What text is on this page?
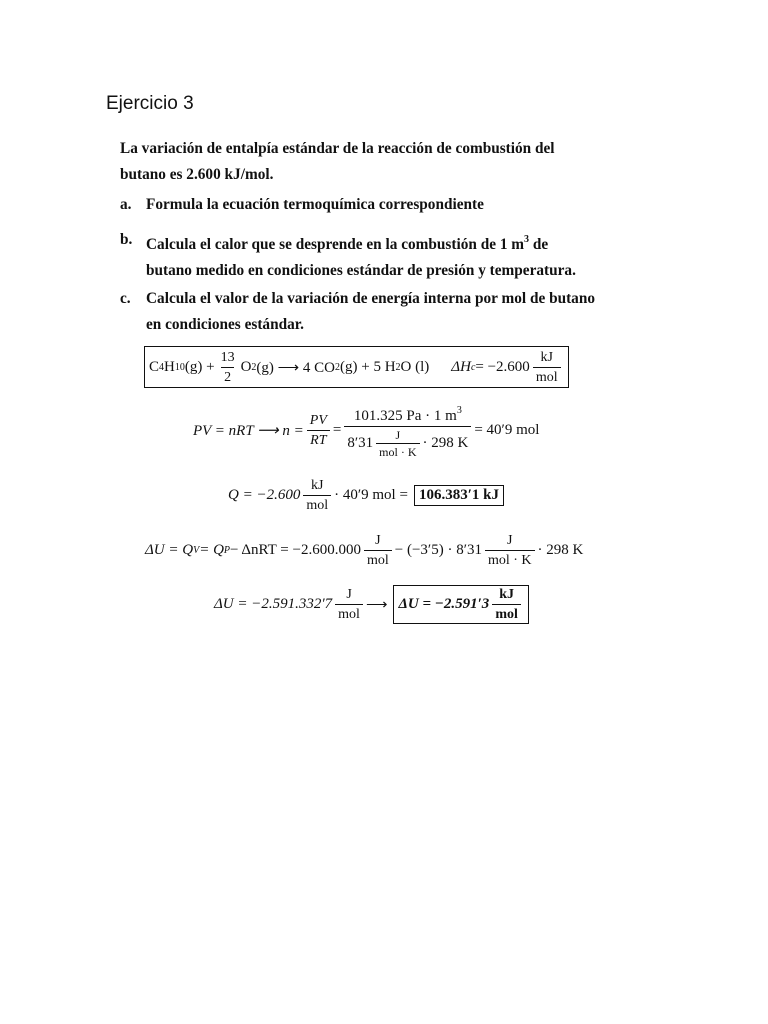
Ejercicio 3
La variación de entalpía estándar de la reacción de combustión del
butano es 2.600 kJ/mol.
a. Formula la ecuación termoquímica correspondiente
b. Calcula el calor que se desprende en la combustión de 1 $m^3$ de
butano medido en condiciones estándar de presión y temperatura.
c.	Calcula el valor de la variación de energía interna por mol de butano
en condiciones estándar.
C 4 H 10 $(g) + \frac{13}{2}$ O 2 (g) ⟶ 4 CO 2 (g) + 5 H 2 O (l) ΔH $c = -2.600 \frac{kJ}{\text{mol}}$
PV = nRT ⟶ $n = \frac{PV}{RT} = \frac{101.325 Pa \cdot 1 m^3}{8'31 \frac{J}{\text{mol · K}} \cdot 298 K} = 40'9$ mol
$Q = -2.600 \frac{kJ}{\text{mol}} \cdot 40'9$ mol = 106.383′1 kJ
ΔU = Q V = Q $P - \Delta nRT = -2.600.000 \frac{J}{\text{mol}} - (-3'5) \cdot 8'31 \frac{J}{\text{mol · K}} \cdot 298$ K
$\Delta U = -2.591.332'7 \frac{J}{\text{mol}}$ ⟶ $\Delta U = -2.591'3 \frac{kJ}{\text{mol}}$
